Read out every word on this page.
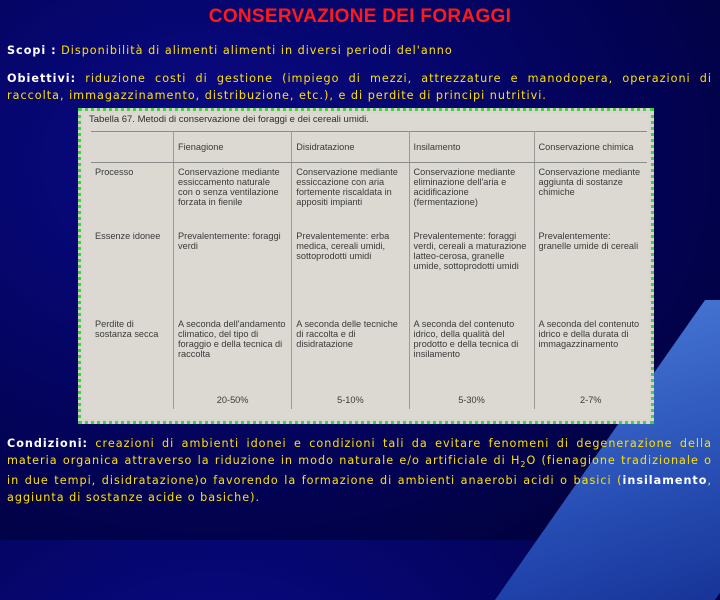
CONSERVAZIONE DEI FORAGGI
Scopi : Disponibilità di alimenti alimenti in diversi periodi del'anno
Obiettivi: riduzione costi di gestione (impiego di mezzi, attrezzature e manodopera, operazioni di raccolta, immagazzinamento, distribuzione, etc.), e di perdite di principi nutritivi.
Tabella 67. Metodi di conservazione dei foraggi e dei cereali umidi.
	Fienagione	Disidratazione	Insilamento	Conservazione chimica
Processo	Conservazione mediante essiccamento naturale con o senza ventilazione forzata in fienile	Conservazione mediante essiccazione con aria fortemente riscaldata in appositi impianti	Conservazione mediante eliminazione dell'aria e acidificazione (fermentazione)	Conservazione mediante aggiunta di sostanze chimiche
Essenze idonee	Prevalentemente: foraggi verdi	Prevalentemente: erba medica, cereali umidi, sottoprodotti umidi	Prevalentemente: foraggi verdi, cereali a maturazione latteo-cerosa, granelle umide, sottoprodotti umidi	Prevalentemente: granelle umide di cereali
Perdite di sostanza secca	A seconda dell'andamento climatico, del tipo di foraggio e della tecnica di raccolta	A seconda delle tecniche di raccolta e di disidratazione	A seconda del contenuto idrico, della qualità del prodotto e della tecnica di insilamento	A seconda del contenuto idrico e della durata di immagazzinamento
	20-50%	5-10%	5-30%	2-7%
Condizioni: creazioni di ambienti idonei e condizioni tali da evitare fenomeni di degenerazione della materia organica attraverso la riduzione in modo naturale e/o artificiale di $H_2O$ (fienagione tradizionale o in due tempi, disidratazione)o favorendo la formazione di ambienti anaerobi acidi o basici (insilamento, aggiunta di sostanze acide o basiche).
